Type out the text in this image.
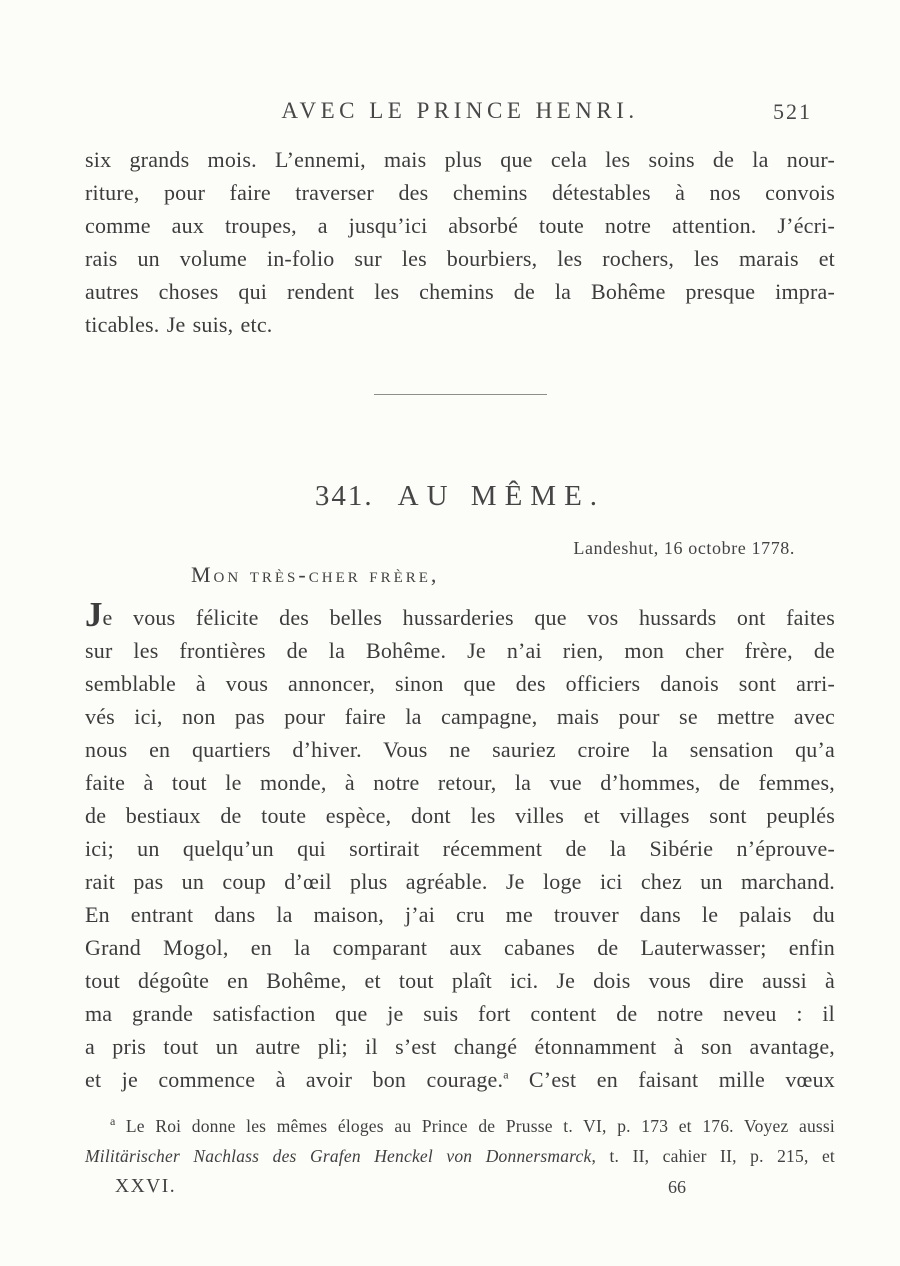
AVEC LE PRINCE HENRI.	521
six grands mois. L’ennemi, mais plus que cela les soins de la nour-
riture, pour faire traverser des chemins détestables à nos convois
comme aux troupes, a jusqu’ici absorbé toute notre attention. J’écri-
rais un volume in-folio sur les bourbiers, les rochers, les marais et
autres choses qui rendent les chemins de la Bohême presque impra-
ticables. Je suis, etc.
341. AU MÊME.
Landeshut, 16 octobre 1778.
Mon très-cher frère,
Je vous félicite des belles hussarderies que vos hussards ont faites
sur les frontières de la Bohême. Je n’ai rien, mon cher frère, de
semblable à vous annoncer, sinon que des officiers danois sont arri-
vés ici, non pas pour faire la campagne, mais pour se mettre avec
nous en quartiers d’hiver. Vous ne sauriez croire la sensation qu’a
faite à tout le monde, à notre retour, la vue d’hommes, de femmes,
de bestiaux de toute espèce, dont les villes et villages sont peuplés
ici; un quelqu’un qui sortirait récemment de la Sibérie n’éprouve-
rait pas un coup d’œil plus agréable. Je loge ici chez un marchand.
En entrant dans la maison, j’ai cru me trouver dans le palais du
Grand Mogol, en la comparant aux cabanes de Lauterwasser; enfin
tout dégoûte en Bohême, et tout plaît ici. Je dois vous dire aussi à
ma grande satisfaction que je suis fort content de notre neveu : il
a pris tout un autre pli; il s’est changé étonnamment à son avantage,
et je commence à avoir bon courage.$^a$ C’est en faisant mille vœux
$^a$ Le Roi donne les mêmes éloges au Prince de Prusse t. VI, p. 173 et 176. Voyez aussi
Militärischer Nachlass des Grafen Henckel von Donnersmarck, t. II, cahier II, p. 215, et
XXVI.	66
